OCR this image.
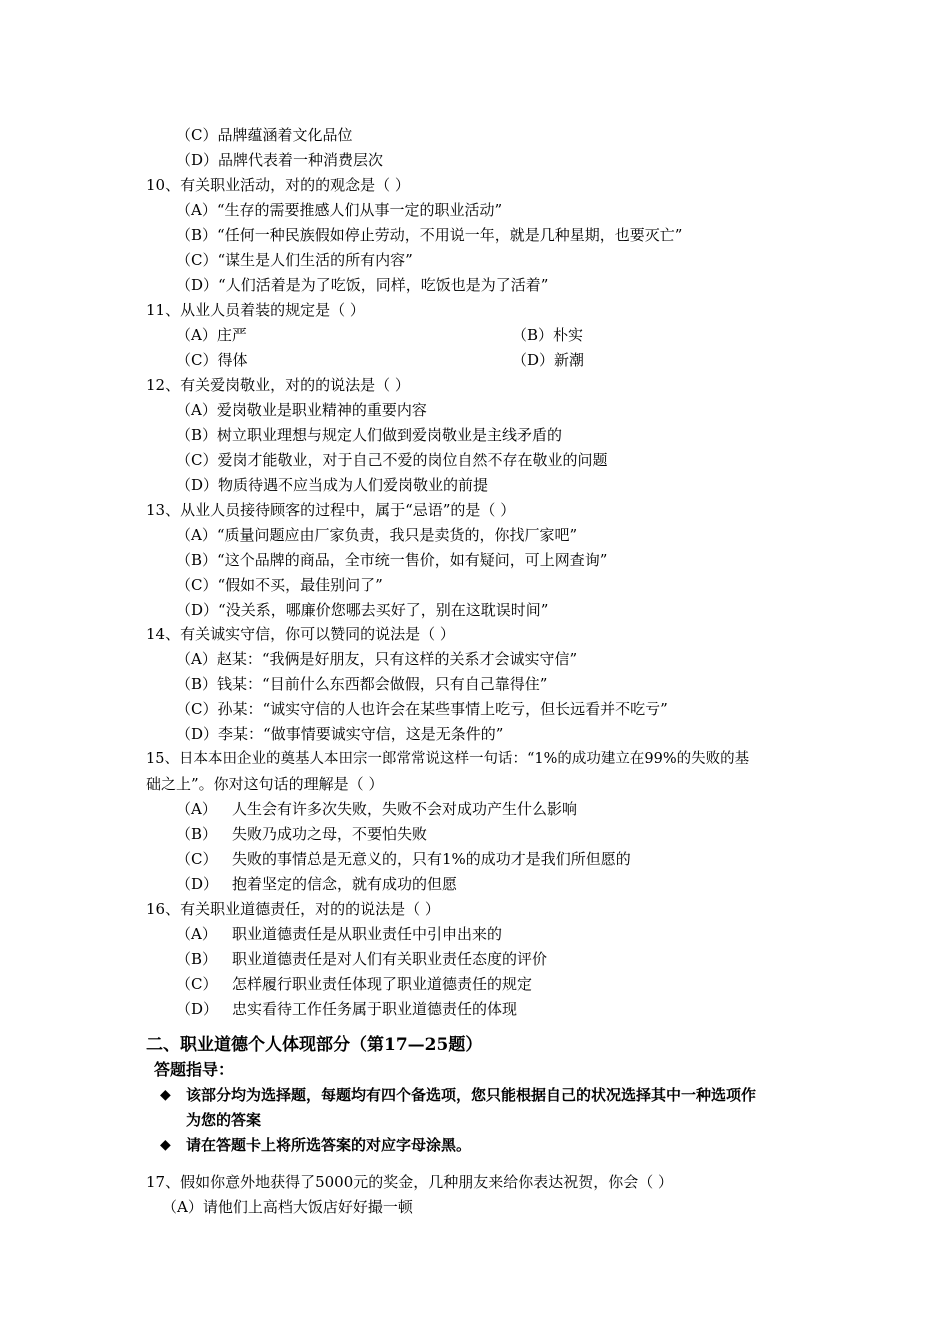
（C）品牌蕴涵着文化品位
（D）品牌代表着一种消费层次
10、有关职业活动，对的的观念是（ ）
（A）“生存的需要推感人们从事一定的职业活动”
（B）“任何一种民族假如停止劳动，不用说一年，就是几种星期，也要灭亡”
（C）“谋生是人们生活的所有内容”
（D）“人们活着是为了吃饭，同样，吃饭也是为了活着”
11、从业人员着装的规定是（ ）
（A）庄严	（B）朴实
（C）得体	（D）新潮
12、有关爱岗敬业，对的的说法是（ ）
（A）爱岗敬业是职业精神的重要内容
（B）树立职业理想与规定人们做到爱岗敬业是主线矛盾的
（C）爱岗才能敬业，对于自己不爱的岗位自然不存在敬业的问题
（D）物质待遇不应当成为人们爱岗敬业的前提
13、从业人员接待顾客的过程中，属于“忌语”的是（ ）
（A）“质量问题应由厂家负责，我只是卖货的，你找厂家吧”
（B）“这个品牌的商品，全市统一售价，如有疑问，可上网查询”
（C）“假如不买，最佳别问了”
（D）“没关系，哪廉价您哪去买好了，别在这耽误时间”
14、有关诚实守信，你可以赞同的说法是（ ）
（A）赵某：“我俩是好朋友，只有这样的关系才会诚实守信”
（B）钱某：“目前什么东西都会做假，只有自己靠得住”
（C）孙某：“诚实守信的人也许会在某些事情上吃亏，但长远看并不吃亏”
（D）李某：“做事情要诚实守信，这是无条件的”
15、日本本田企业的奠基人本田宗一郎常常说这样一句话：“1%的成功建立在99%的失败的基
础之上”。你对这句话的理解是（ ）
（A） 人生会有许多次失败，失败不会对成功产生什么影响
（B） 失败乃成功之母，不要怕失败
（C） 失败的事情总是无意义的，只有1%的成功才是我们所但愿的
（D） 抱着坚定的信念，就有成功的但愿
16、有关职业道德责任，对的的说法是（ ）
（A） 职业道德责任是从职业责任中引申出来的
（B） 职业道德责任是对人们有关职业责任态度的评价
（C） 怎样履行职业责任体现了职业道德责任的规定
（D） 忠实看待工作任务属于职业道德责任的体现
二、职业道德个人体现部分（第17—25题）
答题指导：
◆ 该部分均为选择题，每题均有四个备选项，您只能根据自己的状况选择其中一种选项作
为您的答案
◆ 请在答题卡上将所选答案的对应字母涂黑。
17、假如你意外地获得了5000元的奖金，几种朋友来给你表达祝贺，你会（ ）
（A）请他们上高档大饭店好好撮一顿
